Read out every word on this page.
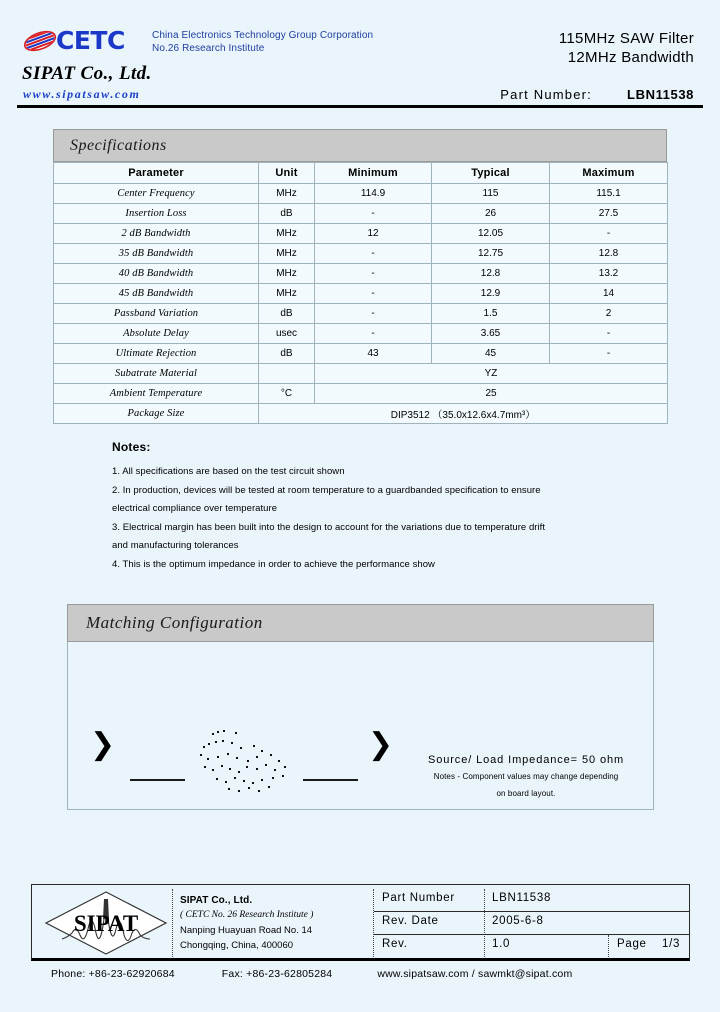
CETC	China Electronics Technology Group Corporation
No.26 Research Institute
SIPAT Co., Ltd.
www.sipatsaw.com
115MHz SAW Filter
12MHz Bandwidth
Part Number:	LBN11538
Specifications
Parameter	Unit	Minimum	Typical	Maximum
Center Frequency	MHz	114.9	115	115.1
Insertion Loss	dB	-	26	27.5
2 dB Bandwidth	MHz	12	12.05	-
35 dB Bandwidth	MHz	-	12.75	12.8
40 dB Bandwidth	MHz	-	12.8	13.2
45 dB Bandwidth	MHz	-	12.9	14
Passband Variation	dB	-	1.5	2
Absolute Delay	usec	-	3.65	-
Ultimate Rejection	dB	43	45	-
Subatrate Material		YZ		
Ambient Temperature	°C	25		
Package Size	DIP3512 （35.0x12.6x4.7mm³）			
Notes:
1. All specifications are based on the test circuit shown
2. In production, devices will be tested at room temperature to a guardbanded specification to ensure
electrical compliance over temperature
3. Electrical margin has been built into the design to account for the variations due to temperature drift
and manufacturing tolerances
4. This is the optimum impedance in order to achieve the performance show
Matching Configuration
❯	❯	Source/ Load Impedance= 50 ohm
Notes - Component values may change depending
on board layout.
SIPAT
SIPAT Co., Ltd.
( CETC No. 26 Research Institute )
Nanping Huayuan Road No. 14
Chongqing, China, 400060
Part Number	LBN11538
Rev. Date	2005-6-8
Rev.	1.0	Page 1/3
Phone: +86-23-62920684	Fax: +86-23-62805284	www.sipatsaw.com / sawmkt@sipat.com
